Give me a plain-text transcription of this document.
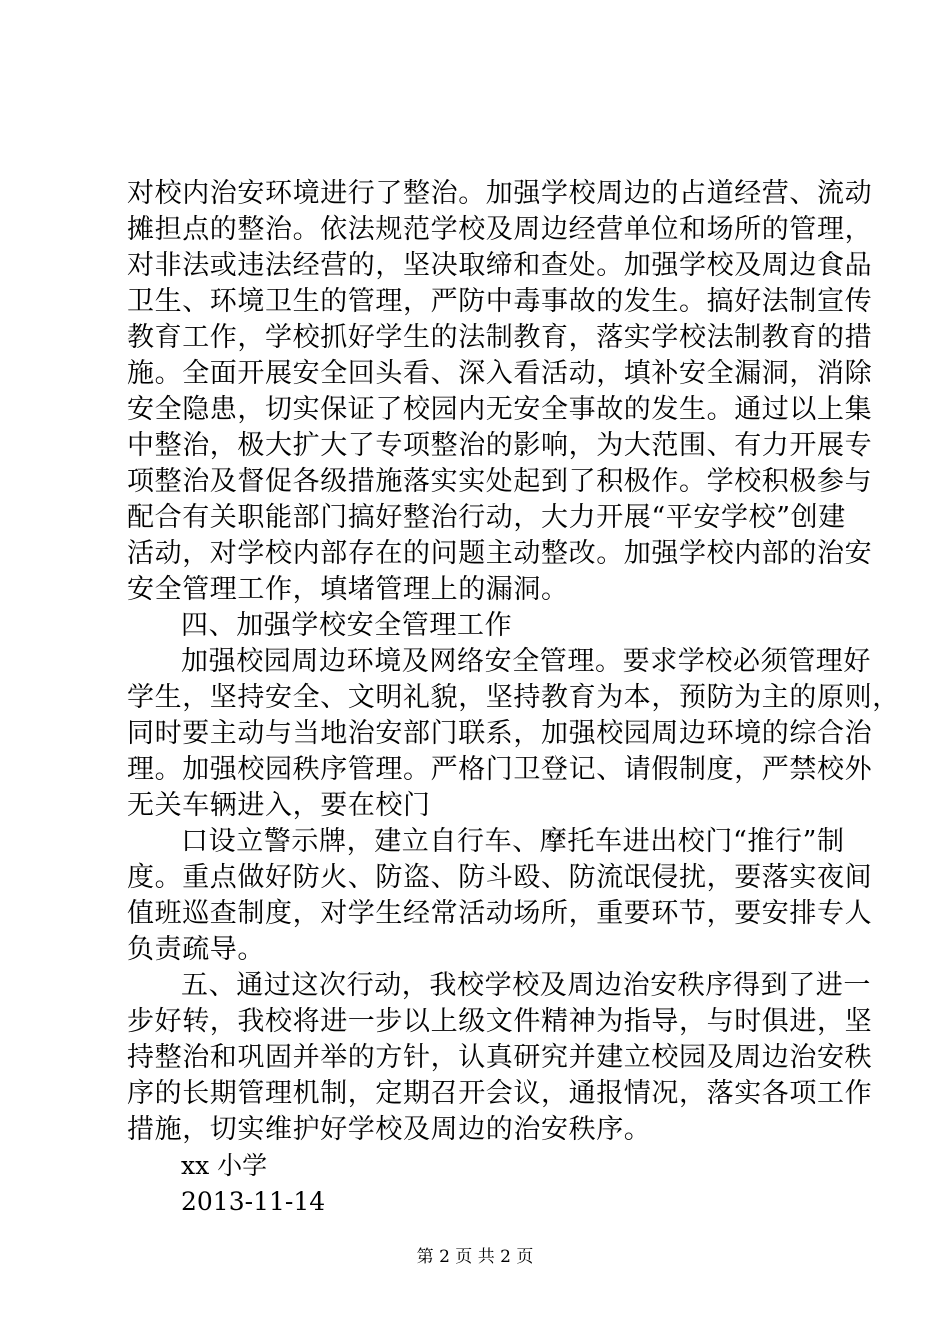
对校内治安环境进行了整治。加强学校周边的占道经营、流动
摊担点的整治。依法规范学校及周边经营单位和场所的管理，
对非法或违法经营的，坚决取缔和查处。加强学校及周边食品
卫生、环境卫生的管理，严防中毒事故的发生。搞好法制宣传
教育工作，学校抓好学生的法制教育，落实学校法制教育的措
施。全面开展安全回头看、深入看活动，填补安全漏洞，消除
安全隐患，切实保证了校园内无安全事故的发生。通过以上集
中整治，极大扩大了专项整治的影响，为大范围、有力开展专
项整治及督促各级措施落实实处起到了积极作。学校积极参与
配合有关职能部门搞好整治行动，大力开展“平安学校”创建
活动，对学校内部存在的问题主动整改。加强学校内部的治安
安全管理工作，填堵管理上的漏洞。
四、加强学校安全管理工作
加强校园周边环境及网络安全管理。要求学校必须管理好
学生，坚持安全、文明礼貌，坚持教育为本，预防为主的原则，
同时要主动与当地治安部门联系，加强校园周边环境的综合治
理。加强校园秩序管理。严格门卫登记、请假制度，严禁校外
无关车辆进入，要在校门
口设立警示牌，建立自行车、摩托车进出校门“推行”制
度。重点做好防火、防盗、防斗殴、防流氓侵扰，要落实夜间
值班巡查制度，对学生经常活动场所，重要环节，要安排专人
负责疏导。
五、通过这次行动，我校学校及周边治安秩序得到了进一
步好转，我校将进一步以上级文件精神为指导，与时俱进，坚
持整治和巩固并举的方针，认真研究并建立校园及周边治安秩
序的长期管理机制，定期召开会议，通报情况，落实各项工作
措施，切实维护好学校及周边的治安秩序。
xx 小学
2013-11-14
第 2 页 共 2 页
